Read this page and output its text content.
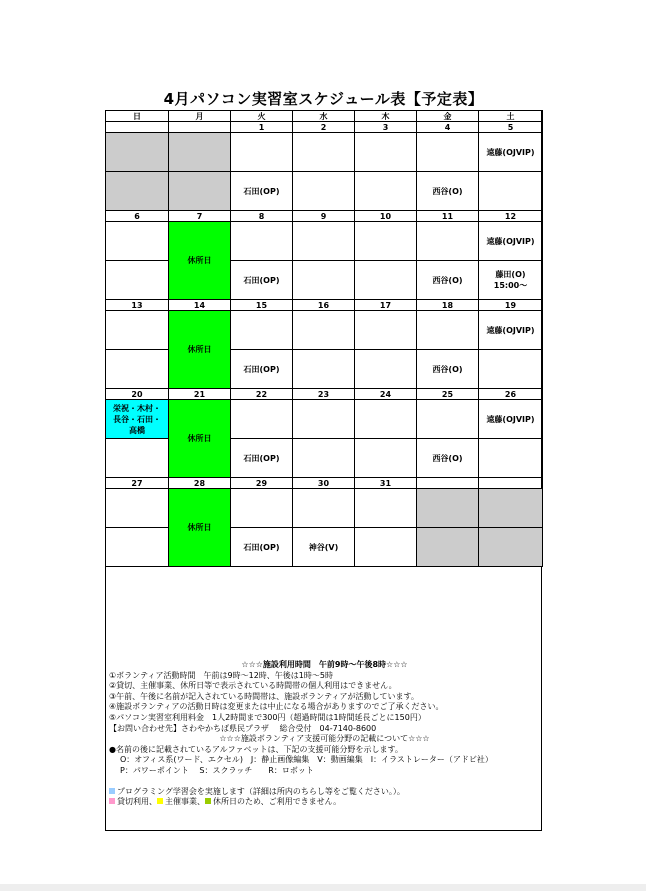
4月パソコン実習室スケジュール表【予定表】
日	月	火	水	木	金	土
		1	2	3	4	5

						遠藤(OJVIP)

		石田(OP)			西谷(O)	

6	7	8	9	10	11	12

	休所日					遠藤(OJVIP)

		石田(OP)			西谷(O)	藤田(O)
15:00～

13	14	15	16	17	18	19

	休所日					遠藤(OJVIP)

		石田(OP)			西谷(O)	

20	21	22	23	24	25	26

栄祝・木村・
長谷・石田・
高橋	休所日					遠藤(OJVIP)

		石田(OP)			西谷(O)	

27	28	29	30	31		

	休所日					

		石田(OP)	神谷(V)			

☆☆☆施設利用時間　午前9時～午後8時☆☆☆
①ボランティア活動時間　午前は9時～12時、午後は1時～5時
②貸切、主催事業、休所日等で表示されている時間帯の個人利用はできません。
③午前、午後に名前が記入されている時間帯は、施設ボランティアが活動しています。
④施設ボランティアの活動日時は変更または中止になる場合がありますのでご了承ください。
⑤パソコン実習室利用料金　1人2時間まで300円（超過時間は1時間延長ごとに150円）
【お問い合わせ先】さわやかちば県民プラザ　 総合受付　04-7140-8600
☆☆☆施設ボランティア支援可能分野の記載について☆☆☆
●名前の後に記載されているアルファベットは、下記の支援可能分野を示します。
O：オフィス系(ワード、エクセル)　J：静止画像編集　V：動画編集　I：イラストレーター（アドビ社）
P：パワーポイント　 S：スクラッチ　　R：ロボット
プログラミング学習会を実施します（詳細は所内のちらし等をご覧ください。）。
貸切利用、 主催事業、 休所日のため、ご利用できません。
